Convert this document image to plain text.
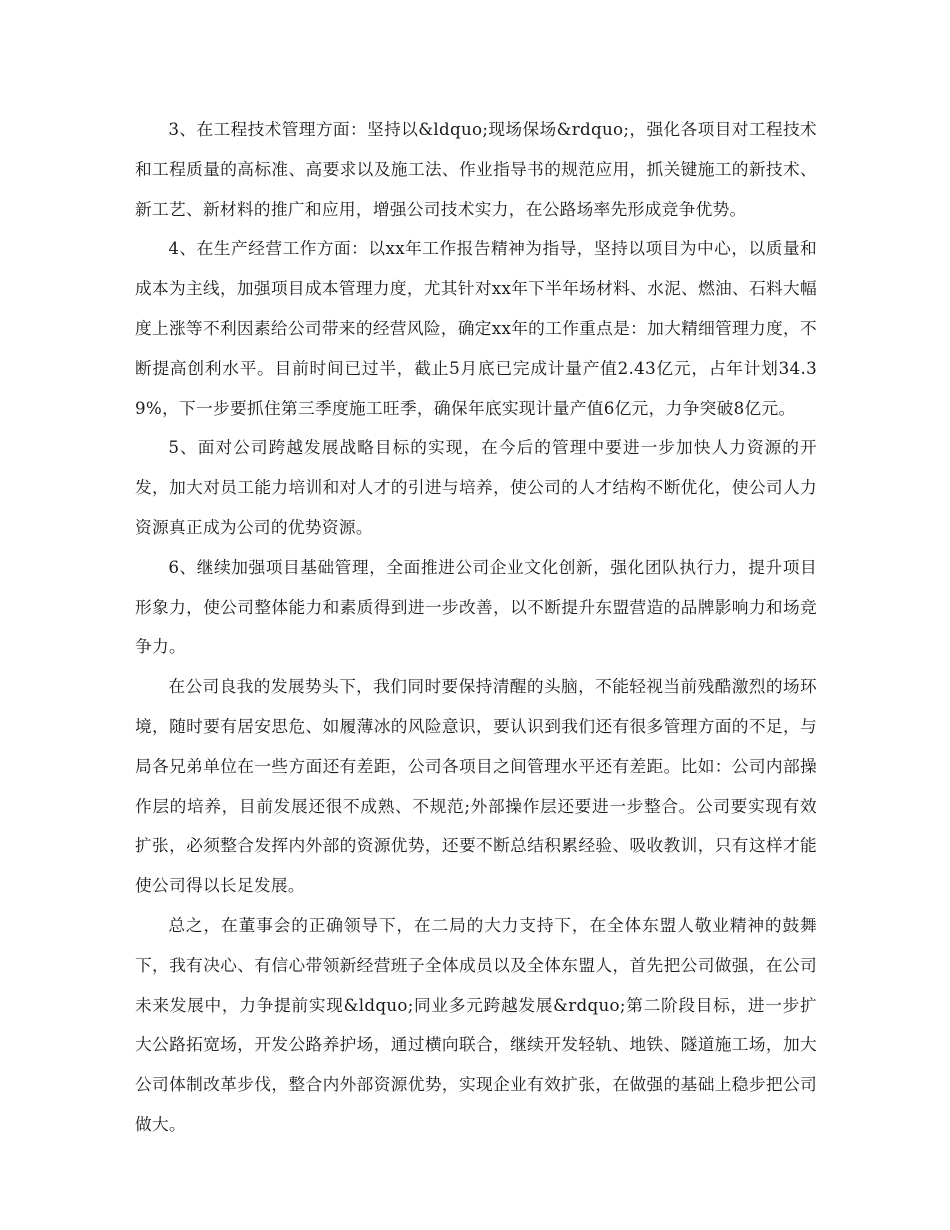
3、在工程技术管理方面：坚持以&ldquo;现场保场&rdquo;，强化各项目对工程技术和工程质量的高标准、高要求以及施工法、作业指导书的规范应用，抓关键施工的新技术、新工艺、新材料的推广和应用，增强公司技术实力，在公路场率先形成竞争优势。

4、在生产经营工作方面：以xx年工作报告精神为指导，坚持以项目为中心，以质量和成本为主线，加强项目成本管理力度，尤其针对xx年下半年场材料、水泥、燃油、石料大幅度上涨等不利因素给公司带来的经营风险，确定xx年的工作重点是：加大精细管理力度，不断提高创利水平。目前时间已过半，截止5月底已完成计量产值2.43亿元，占年计划34.39%，下一步要抓住第三季度施工旺季，确保年底实现计量产值6亿元，力争突破8亿元。

5、面对公司跨越发展战略目标的实现，在今后的管理中要进一步加快人力资源的开发，加大对员工能力培训和对人才的引进与培养，使公司的人才结构不断优化，使公司人力资源真正成为公司的优势资源。

6、继续加强项目基础管理，全面推进公司企业文化创新，强化团队执行力，提升项目形象力，使公司整体能力和素质得到进一步改善，以不断提升东盟营造的品牌影响力和场竞争力。

在公司良我的发展势头下，我们同时要保持清醒的头脑，不能轻视当前残酷激烈的场环境，随时要有居安思危、如履薄冰的风险意识，要认识到我们还有很多管理方面的不足，与局各兄弟单位在一些方面还有差距，公司各项目之间管理水平还有差距。比如：公司内部操作层的培养，目前发展还很不成熟、不规范;外部操作层还要进一步整合。公司要实现有效扩张，必须整合发挥内外部的资源优势，还要不断总结积累经验、吸收教训，只有这样才能使公司得以长足发展。

总之，在董事会的正确领导下，在二局的大力支持下，在全体东盟人敬业精神的鼓舞下，我有决心、有信心带领新经营班子全体成员以及全体东盟人，首先把公司做强，在公司未来发展中，力争提前实现&ldquo;同业多元跨越发展&rdquo;第二阶段目标，进一步扩大公路拓宽场，开发公路养护场，通过横向联合，继续开发轻轨、地铁、隧道施工场，加大公司体制改革步伐，整合内外部资源优势，实现企业有效扩张，在做强的基础上稳步把公司做大。
